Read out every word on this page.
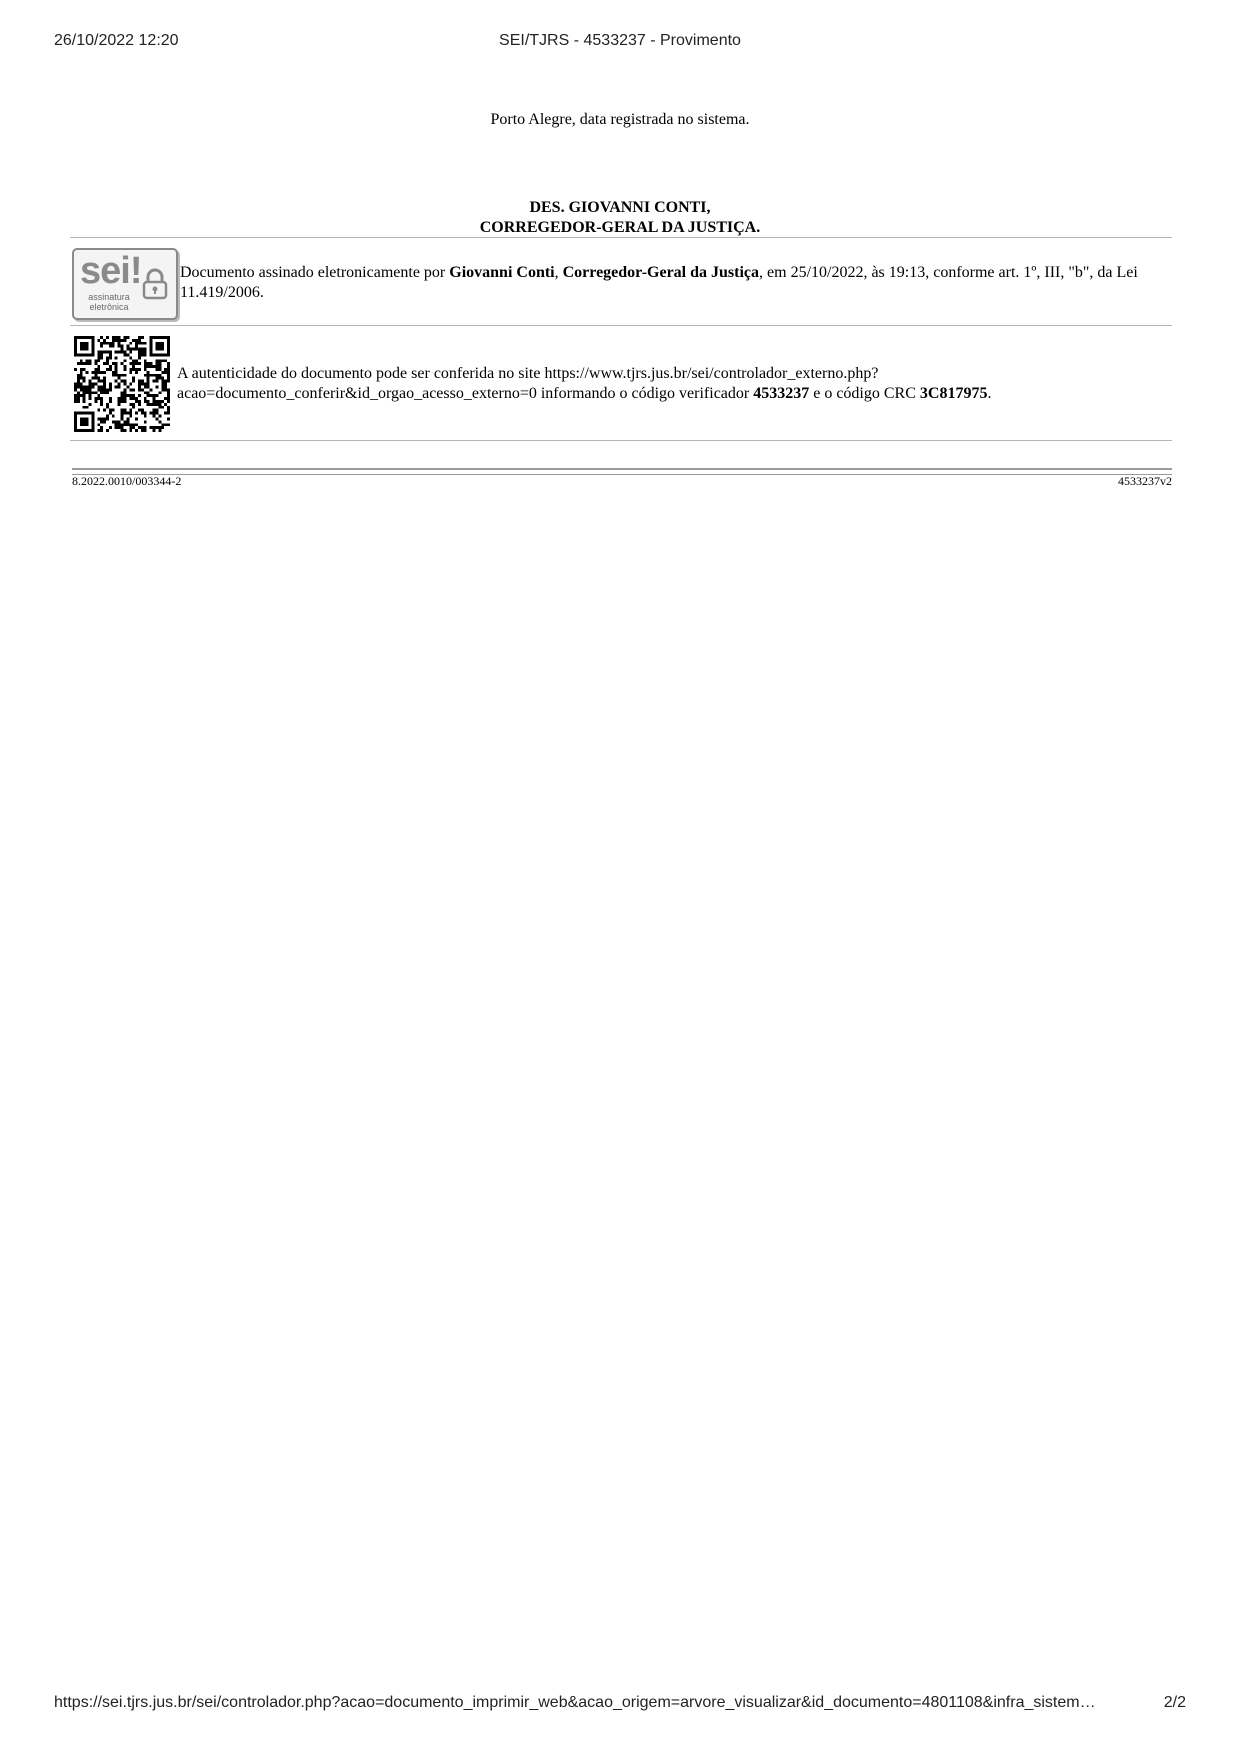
26/10/2022 12:20	SEI/TJRS - 4533237 - Provimento
Porto Alegre, data registrada no sistema.
DES. GIOVANNI CONTI,
CORREGEDOR-GERAL DA JUSTIÇA.
sei!
assinatura
eletrônica
Documento assinado eletronicamente por Giovanni Conti, Corregedor-Geral da Justiça, em 25/10/2022, às 19:13, conforme art. 1º, III, "b", da Lei 11.419/2006.
A autenticidade do documento pode ser conferida no site https://www.tjrs.jus.br/sei/controlador_externo.php? acao=documento_conferir&id_orgao_acesso_externo=0 informando o código verificador 4533237 e o código CRC 3C817975.
8.2022.0010/003344-2	4533237v2
https://sei.tjrs.jus.br/sei/controlador.php?acao=documento_imprimir_web&acao_origem=arvore_visualizar&id_documento=4801108&infra_sistem…	2/2
